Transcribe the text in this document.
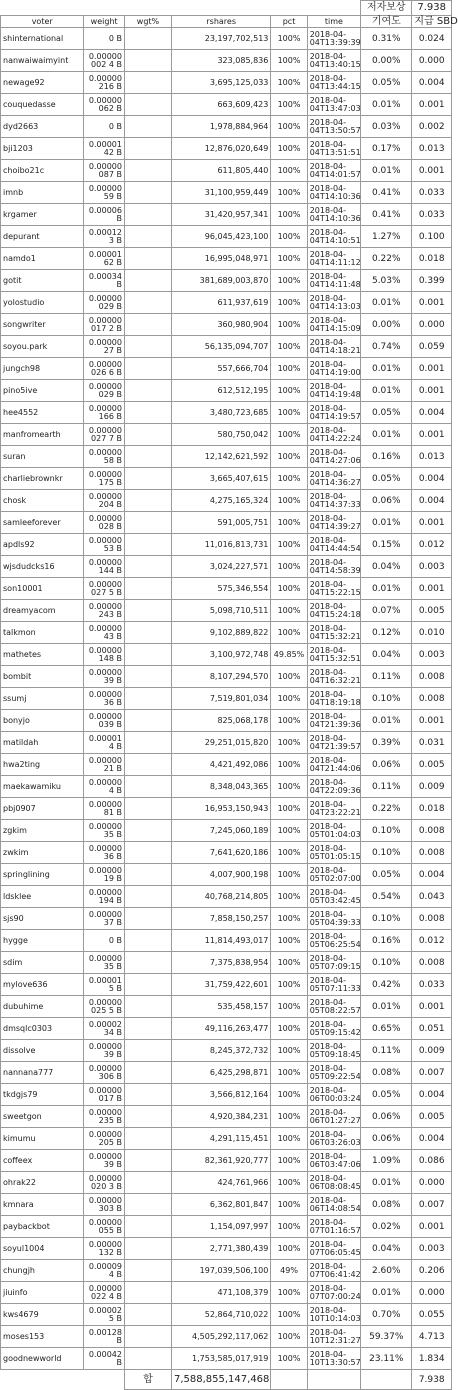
						저자보상	7.938
voter	weight	wgt%	rshares	pct	time	기여도	지급 SBD
shinternational	0 B		23,197,702,513	100%	2018-04-04T13:39:39	0.31%	0.024
nanwaiwaimyint	0.00000002 4 B		323,085,836	100%	2018-04-04T13:40:15	0.00%	0.000
newage92	0.00000216 B		3,695,125,033	100%	2018-04-04T13:44:15	0.05%	0.004
couquedasse	0.00000062 B		663,609,423	100%	2018-04-04T13:47:03	0.01%	0.001
dyd2663	0 B		1,978,884,964	100%	2018-04-04T13:50:57	0.03%	0.002
bji1203	0.0000142 B		12,876,020,649	100%	2018-04-04T13:51:51	0.17%	0.013
choibo21c	0.00000087 B		611,805,440	100%	2018-04-04T14:01:57	0.01%	0.001
imnb	0.0000059 B		31,100,959,449	100%	2018-04-04T14:10:36	0.41%	0.033
krgamer	0.00006 B		31,420,957,341	100%	2018-04-04T14:10:36	0.41%	0.033
depurant	0.000123 B		96,045,423,100	100%	2018-04-04T14:10:51	1.27%	0.100
namdo1	0.0000162 B		16,995,048,971	100%	2018-04-04T14:11:12	0.22%	0.018
gotit	0.00034 B		381,689,003,870	100%	2018-04-04T14:11:48	5.03%	0.399
yolostudio	0.00000029 B		611,937,619	100%	2018-04-04T14:13:03	0.01%	0.001
songwriter	0.00000017 2 B		360,980,904	100%	2018-04-04T14:15:09	0.00%	0.000
soyou.park	0.0000027 B		56,135,094,707	100%	2018-04-04T14:18:21	0.74%	0.059
jungch98	0.00000026 6 B		557,666,704	100%	2018-04-04T14:19:00	0.01%	0.001
pino5ive	0.00000029 B		612,512,195	100%	2018-04-04T14:19:48	0.01%	0.001
hee4552	0.00000166 B		3,480,723,685	100%	2018-04-04T14:19:57	0.05%	0.004
manfromearth	0.00000027 7 B		580,750,042	100%	2018-04-04T14:22:24	0.01%	0.001
suran	0.0000058 B		12,142,621,592	100%	2018-04-04T14:27:06	0.16%	0.013
charliebrownkr	0.00000175 B		3,665,407,615	100%	2018-04-04T14:36:27	0.05%	0.004
chosk	0.00000204 B		4,275,165,324	100%	2018-04-04T14:37:33	0.06%	0.004
samleeforever	0.00000028 B		591,005,751	100%	2018-04-04T14:39:27	0.01%	0.001
apdls92	0.0000053 B		11,016,813,731	100%	2018-04-04T14:44:54	0.15%	0.012
wjsdudcks16	0.00000144 B		3,024,227,571	100%	2018-04-04T14:58:39	0.04%	0.003
son10001	0.00000027 5 B		575,346,554	100%	2018-04-04T15:22:15	0.01%	0.001
dreamyacom	0.00000243 B		5,098,710,511	100%	2018-04-04T15:24:18	0.07%	0.005
talkmon	0.0000043 B		9,102,889,822	100%	2018-04-04T15:32:21	0.12%	0.010
mathetes	0.00000148 B		3,100,972,748	49.85%	2018-04-04T15:32:51	0.04%	0.003
bombit	0.0000039 B		8,107,294,570	100%	2018-04-04T16:32:21	0.11%	0.008
ssumj	0.0000036 B		7,519,801,034	100%	2018-04-04T18:19:18	0.10%	0.008
bonyjo	0.00000039 B		825,068,178	100%	2018-04-04T21:39:36	0.01%	0.001
matildah	0.000014 B		29,251,015,820	100%	2018-04-04T21:39:57	0.39%	0.031
hwa2ting	0.0000021 B		4,421,492,086	100%	2018-04-04T21:44:06	0.06%	0.005
maekawamiku	0.000004 B		8,348,043,365	100%	2018-04-04T22:09:36	0.11%	0.009
pbj0907	0.0000081 B		16,953,150,943	100%	2018-04-04T23:22:21	0.22%	0.018
zgkim	0.0000035 B		7,245,060,189	100%	2018-04-05T01:04:03	0.10%	0.008
zwkim	0.0000036 B		7,641,620,186	100%	2018-04-05T01:05:15	0.10%	0.008
springlining	0.0000019 B		4,007,900,198	100%	2018-04-05T02:07:00	0.05%	0.004
ldsklee	0.00000194 B		40,768,214,805	100%	2018-04-05T03:42:45	0.54%	0.043
sjs90	0.0000037 B		7,858,150,257	100%	2018-04-05T04:39:33	0.10%	0.008
hygge	0 B		11,814,493,017	100%	2018-04-05T06:25:54	0.16%	0.012
sdim	0.0000035 B		7,375,838,954	100%	2018-04-05T07:09:15	0.10%	0.008
mylove636	0.000015 B		31,759,422,601	100%	2018-04-05T07:11:33	0.42%	0.033
dubuhime	0.00000025 5 B		535,458,157	100%	2018-04-05T08:22:57	0.01%	0.001
dmsqlc0303	0.0000234 B		49,116,263,477	100%	2018-04-05T09:15:42	0.65%	0.051
dissolve	0.0000039 B		8,245,372,732	100%	2018-04-05T09:18:45	0.11%	0.009
nannana777	0.00000306 B		6,425,298,871	100%	2018-04-05T09:22:54	0.08%	0.007
tkdgjs79	0.00000017 B		3,566,812,164	100%	2018-04-06T00:03:24	0.05%	0.004
sweetgon	0.00000235 B		4,920,384,231	100%	2018-04-06T01:27:27	0.06%	0.005
kimumu	0.00000205 B		4,291,115,451	100%	2018-04-06T03:26:03	0.06%	0.004
coffeex	0.0000039 B		82,361,920,777	100%	2018-04-06T03:47:06	1.09%	0.086
ohrak22	0.00000020 3 B		424,761,966	100%	2018-04-06T08:08:45	0.01%	0.000
kmnara	0.00000303 B		6,362,801,847	100%	2018-04-06T14:08:54	0.08%	0.007
paybackbot	0.00000055 B		1,154,097,997	100%	2018-04-07T01:16:57	0.02%	0.001
soyul1004	0.00000132 B		2,771,380,439	100%	2018-04-07T06:05:45	0.04%	0.003
chungjh	0.000094 B		197,039,506,100	49%	2018-04-07T06:41:42	2.60%	0.206
jiuinfo	0.00000022 4 B		471,108,379	100%	2018-04-07T07:00:24	0.01%	0.000
kws4679	0.000025 B		52,864,710,022	100%	2018-04-10T10:14:03	0.70%	0.055
moses153	0.00128 B		4,505,292,117,062	100%	2018-04-10T12:31:27	59.37%	4.713
goodnewworld	0.00042 B		1,753,585,017,919	100%	2018-04-10T13:30:57	23.11%	1.834
		합	7,588,855,147,468				7.938
